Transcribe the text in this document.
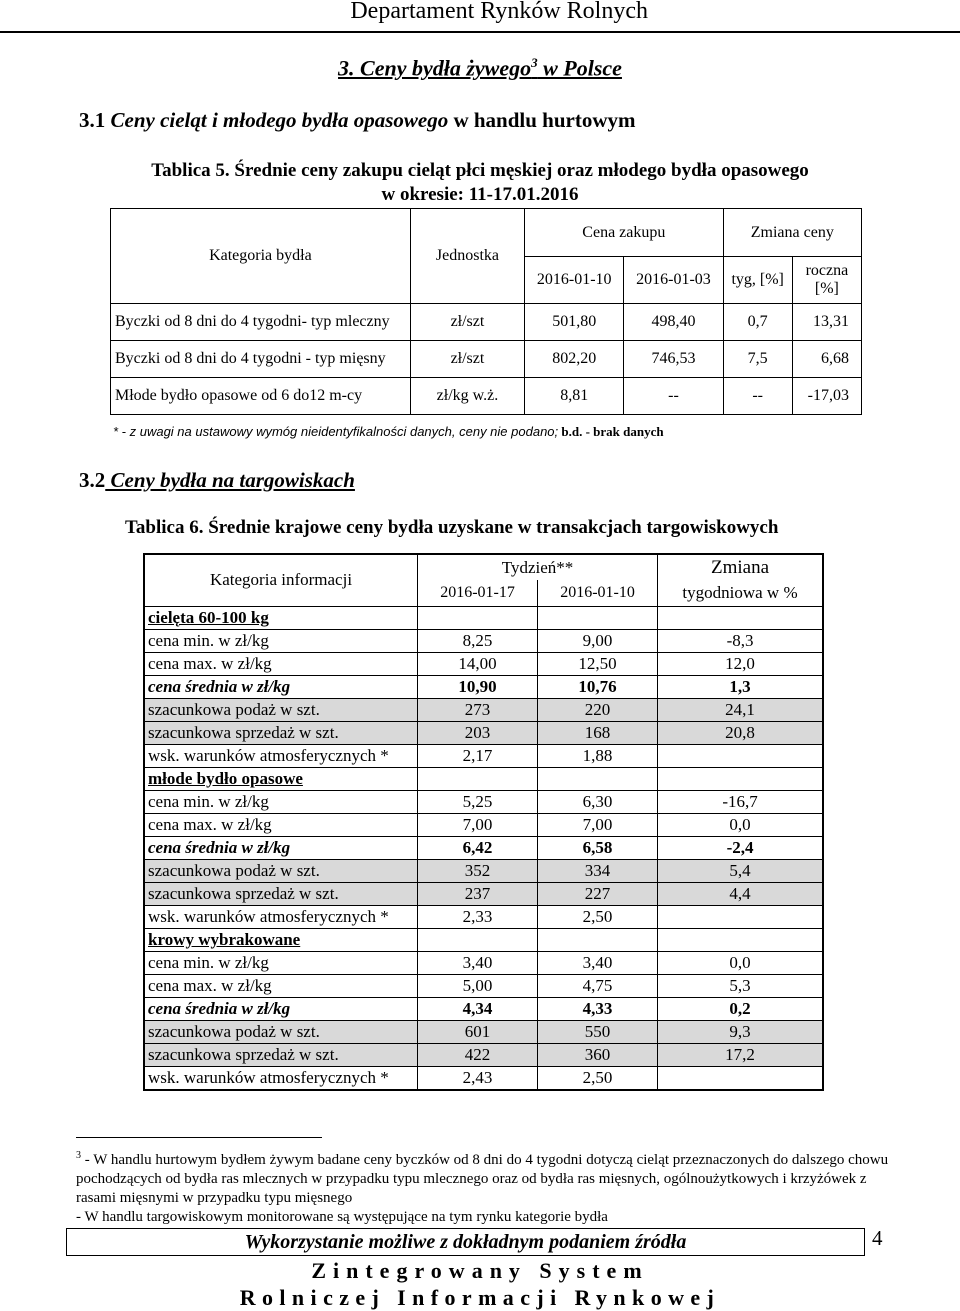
Departament Rynków Rolnych
3. Ceny bydła żywego$^3$ w Polsce
3.1 Ceny cieląt i młodego bydła opasowego w handlu hurtowym
Tablica 5. Średnie ceny zakupu cieląt płci męskiej oraz młodego bydła opasowego
w okresie: 11-17.01.2016
Kategoria bydła	Jednostka	Cena zakupu		Zmiana ceny	
		2016-01-10	2016-01-03	tyg, [%]	roczna [%]
Byczki od 8 dni do 4 tygodni- typ mleczny	zł/szt	501,80	498,40	0,7	13,31
Byczki od 8 dni do 4 tygodni - typ mięsny	zł/szt	802,20	746,53	7,5	6,68
Młode bydło opasowe od 6 do12 m-cy	zł/kg w.ż.	8,81	--	--	-17,03
* - z uwagi na ustawowy wymóg nieidentyfikalności danych, ceny nie podano; b.d. - brak danych
3.2 Ceny bydła na targowiskach
Tablica 6. Średnie krajowe ceny bydła uzyskane w transakcjach targowiskowych
Kategoria informacji	Tydzień**		Zmiana
	2016-01-17	2016-01-10	tygodniowa w %
cielęta 60-100 kg			
cena min. w zł/kg	8,25	9,00	-8,3
cena max. w zł/kg	14,00	12,50	12,0
cena średnia w zł/kg	10,90	10,76	1,3
szacunkowa podaż w szt.	273	220	24,1
szacunkowa sprzedaż w szt.	203	168	20,8
wsk. warunków atmosferycznych *	2,17	1,88	
młode bydło opasowe			
cena min. w zł/kg	5,25	6,30	-16,7
cena max. w zł/kg	7,00	7,00	0,0
cena średnia w zł/kg	6,42	6,58	-2,4
szacunkowa podaż w szt.	352	334	5,4
szacunkowa sprzedaż w szt.	237	227	4,4
wsk. warunków atmosferycznych *	2,33	2,50	
krowy wybrakowane			
cena min. w zł/kg	3,40	3,40	0,0
cena max. w zł/kg	5,00	4,75	5,3
cena średnia w zł/kg	4,34	4,33	0,2
szacunkowa podaż w szt.	601	550	9,3
szacunkowa sprzedaż w szt.	422	360	17,2
wsk. warunków atmosferycznych *	2,43	2,50	
$^3$ - W handlu hurtowym bydłem żywym badane ceny byczków od 8 dni do 4 tygodni dotyczą cieląt przeznaczonych do dalszego chowu pochodzących od bydła ras mlecznych w przypadku typu mlecznego oraz od bydła ras mięsnych, ogólnoużytkowych i krzyżówek z rasami mięsnymi w przypadku typu mięsnego
- W handlu targowiskowym monitorowane są występujące na tym rynku kategorie bydła
Wykorzystanie możliwe z dokładnym podaniem źródła	4
Zintegrowany System
Rolniczej Informacji Rynkowej
